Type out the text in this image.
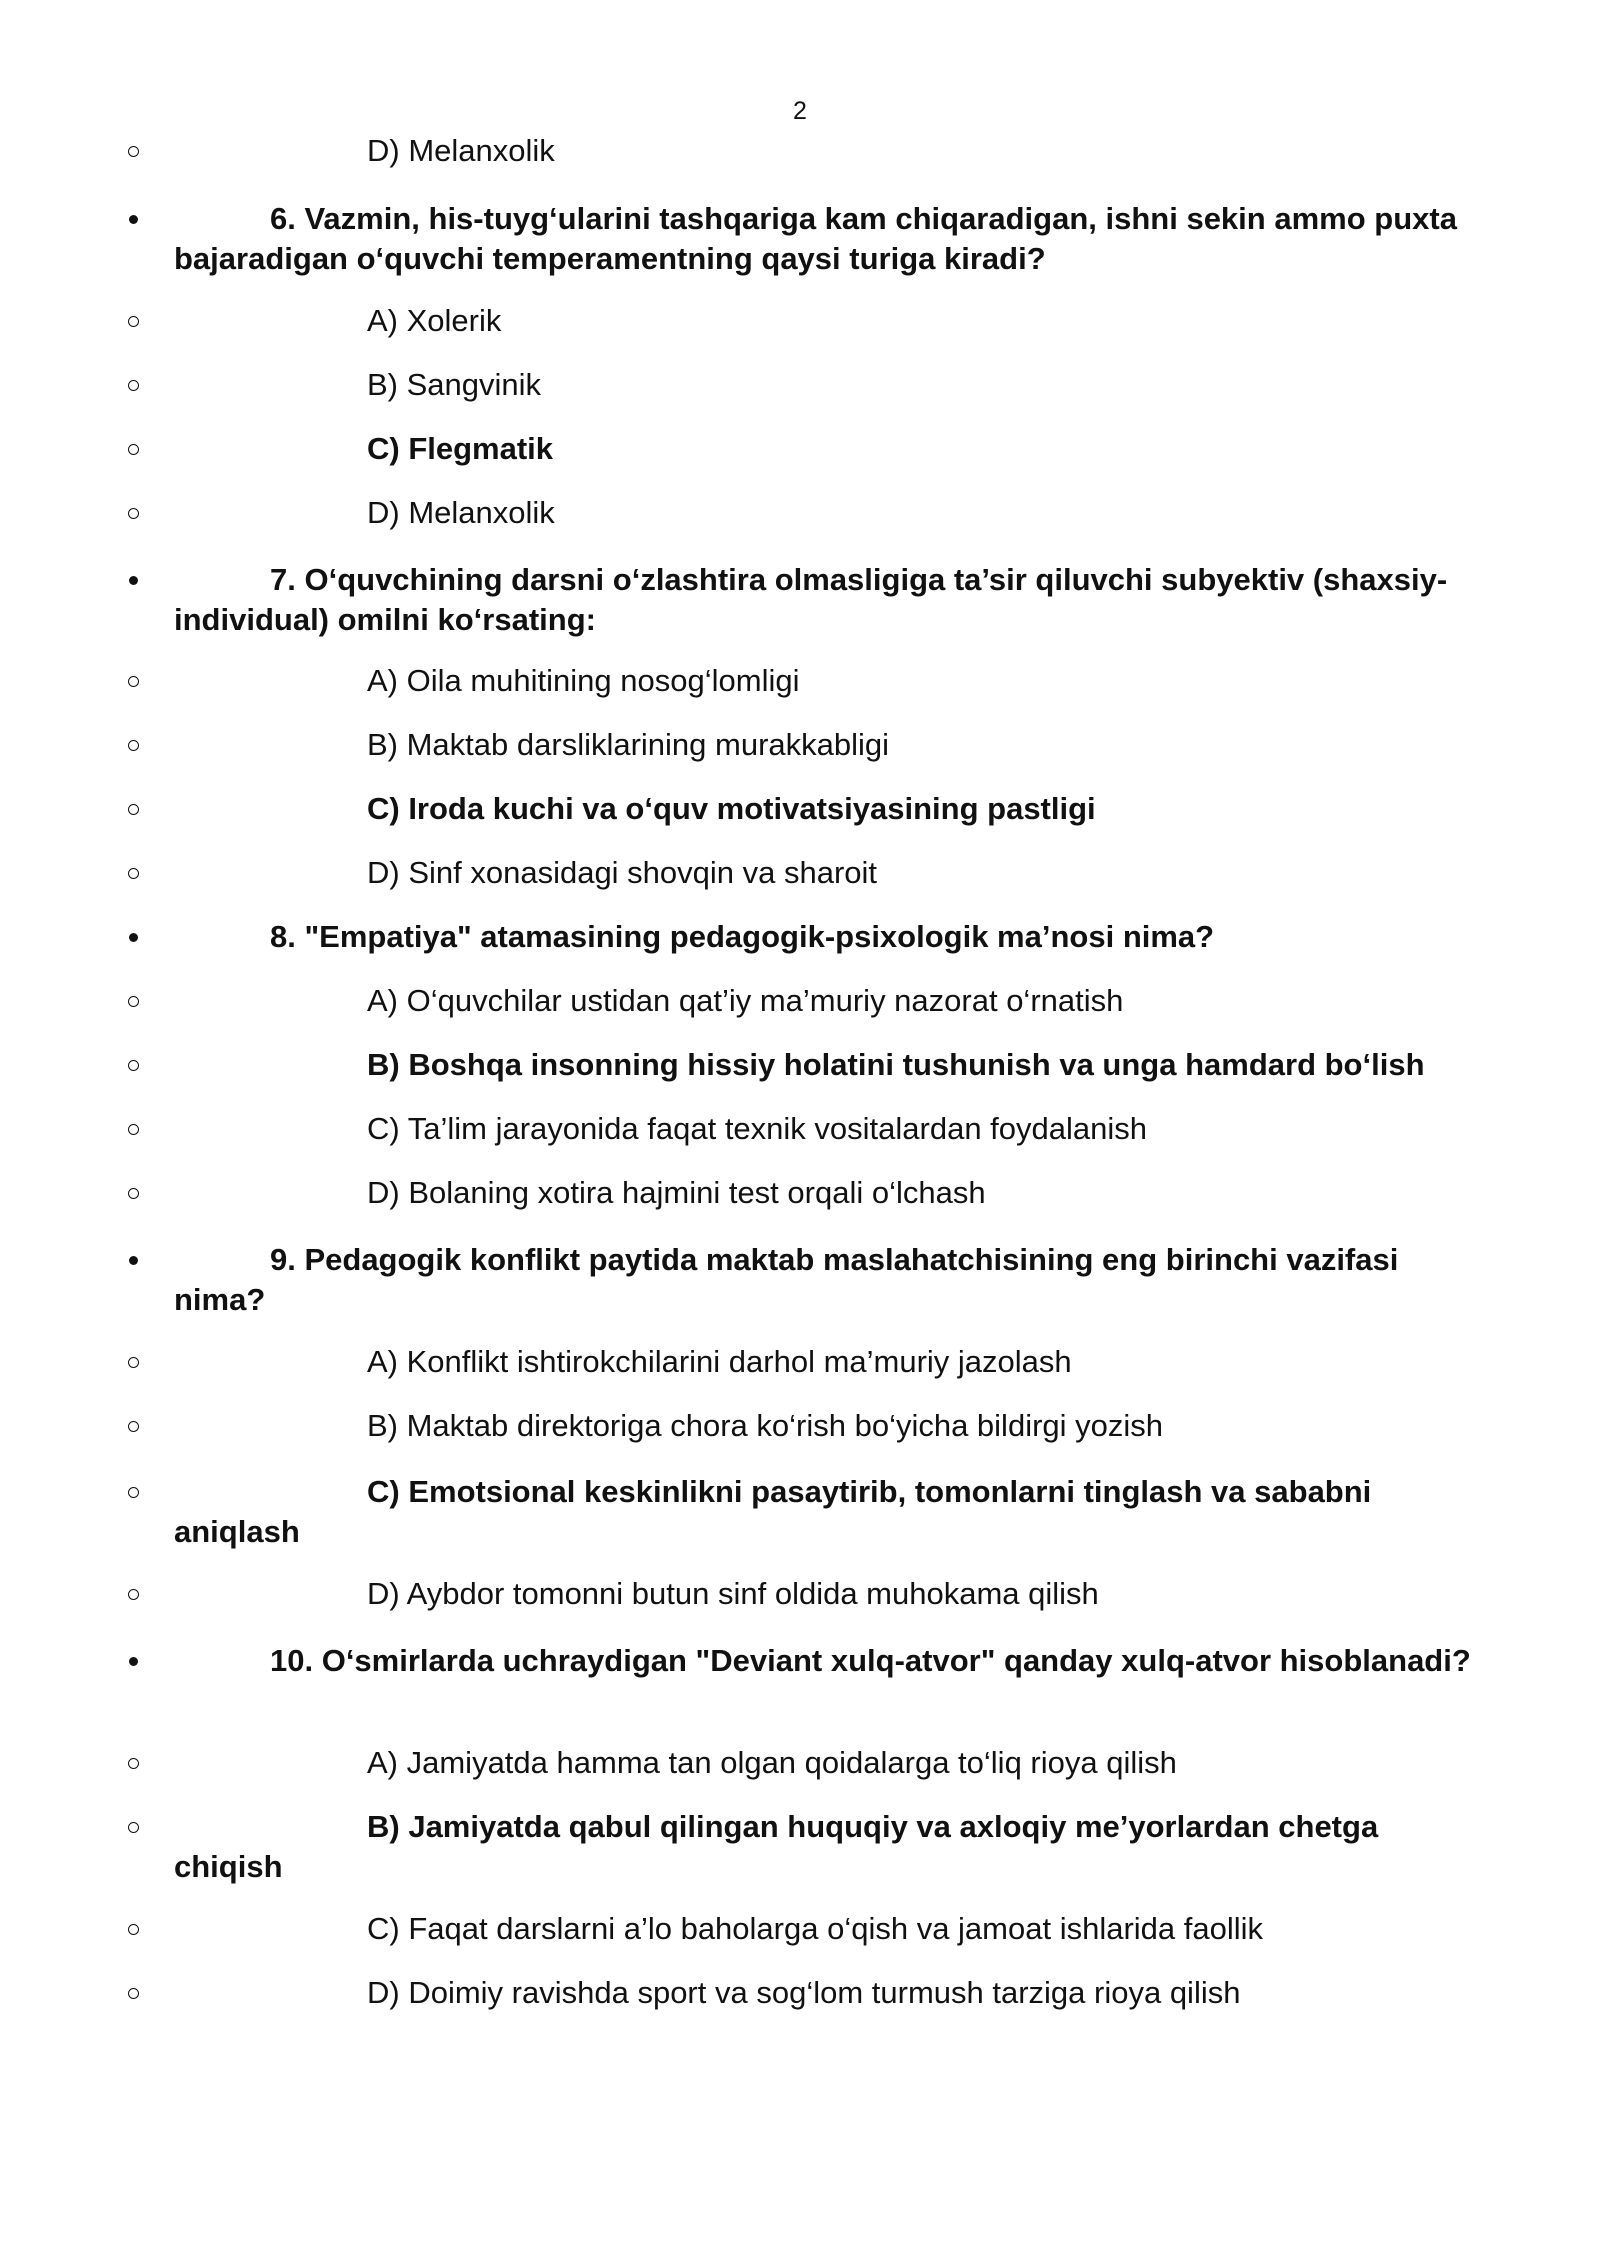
2

D) Melanxolik

6. Vazmin, his-tuyg‘ularini tashqariga kam chiqaradigan, ishni sekin ammo puxta bajaradigan o‘quvchi temperamentning qaysi turiga kiradi?

A) Xolerik

B) Sangvinik

C) Flegmatik

D) Melanxolik

7. O‘quvchining darsni o‘zlashtira olmasligiga ta’sir qiluvchi subyektiv (shaxsiy-individual) omilni ko‘rsating:

A) Oila muhitining nosog‘lomligi

B) Maktab darsliklarining murakkabligi

C) Iroda kuchi va o‘quv motivatsiyasining pastligi

D) Sinf xonasidagi shovqin va sharoit

8. "Empatiya" atamasining pedagogik-psixologik ma’nosi nima?

A) O‘quvchilar ustidan qat’iy ma’muriy nazorat o‘rnatish

B) Boshqa insonning hissiy holatini tushunish va unga hamdard bo‘lish

C) Ta’lim jarayonida faqat texnik vositalardan foydalanish

D) Bolaning xotira hajmini test orqali o‘lchash

9. Pedagogik konflikt paytida maktab maslahatchisining eng birinchi vazifasi nima?

A) Konflikt ishtirokchilarini darhol ma’muriy jazolash

B) Maktab direktoriga chora ko‘rish bo‘yicha bildirgi yozish

C) Emotsional keskinlikni pasaytirib, tomonlarni tinglash va sababni aniqlash

D) Aybdor tomonni butun sinf oldida muhokama qilish

10. O‘smirlarda uchraydigan "Deviant xulq-atvor" qanday xulq-atvor hisoblanadi?

A) Jamiyatda hamma tan olgan qoidalarga to‘liq rioya qilish

B) Jamiyatda qabul qilingan huquqiy va axloqiy me’yorlardan chetga chiqish

C) Faqat darslarni a’lo baholarga o‘qish va jamoat ishlarida faollik

D) Doimiy ravishda sport va sog‘lom turmush tarziga rioya qilish
